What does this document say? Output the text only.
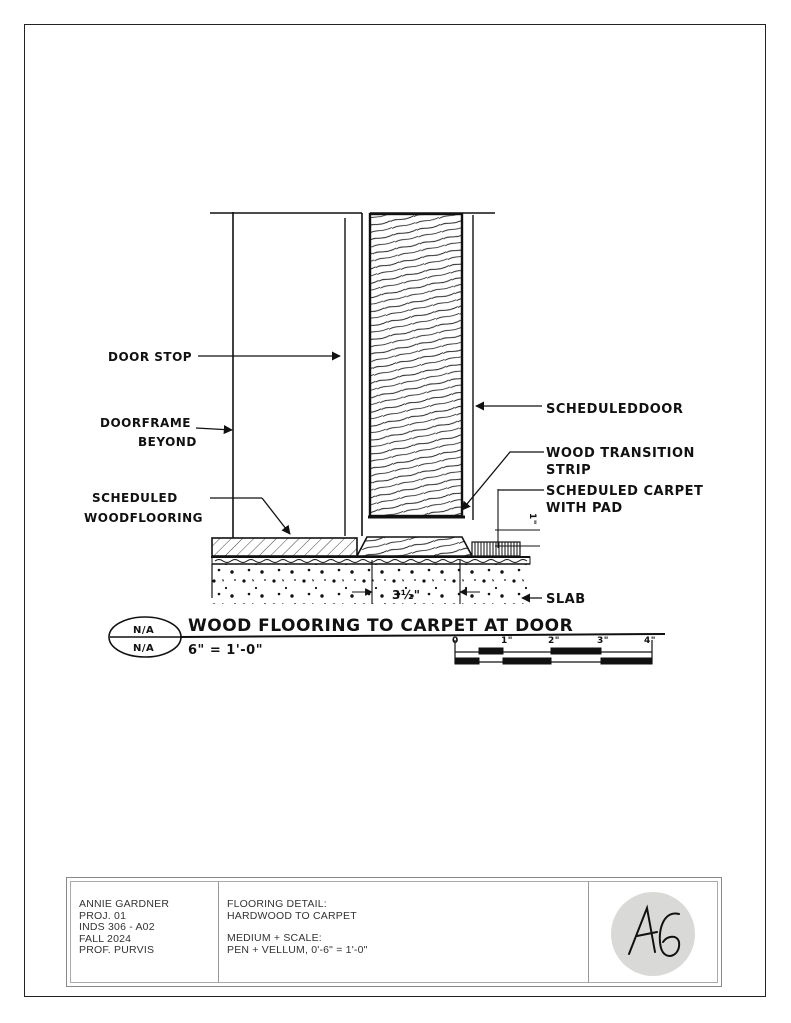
DOOR STOP
DOORFRAME
BEYOND
SCHEDULEDDOOR
WOOD TRANSITION
STRIP
SCHEDULED CARPET
WITH PAD
SCHEDULED
WOODFLOORING
SLAB
3½"
1"
N/A
N/A
WOOD FLOORING TO CARPET AT DOOR
6" = 1'-0"
0	1"	2"	3"	4"
ANNIE GARDNER
PROJ. 01
INDS 306 - A02
FALL 2024
PROF. PURVIS
FLOORING DETAIL:
HARDWOOD TO CARPET
MEDIUM + SCALE:
PEN + VELLUM, 0'-6" = 1'-0"
